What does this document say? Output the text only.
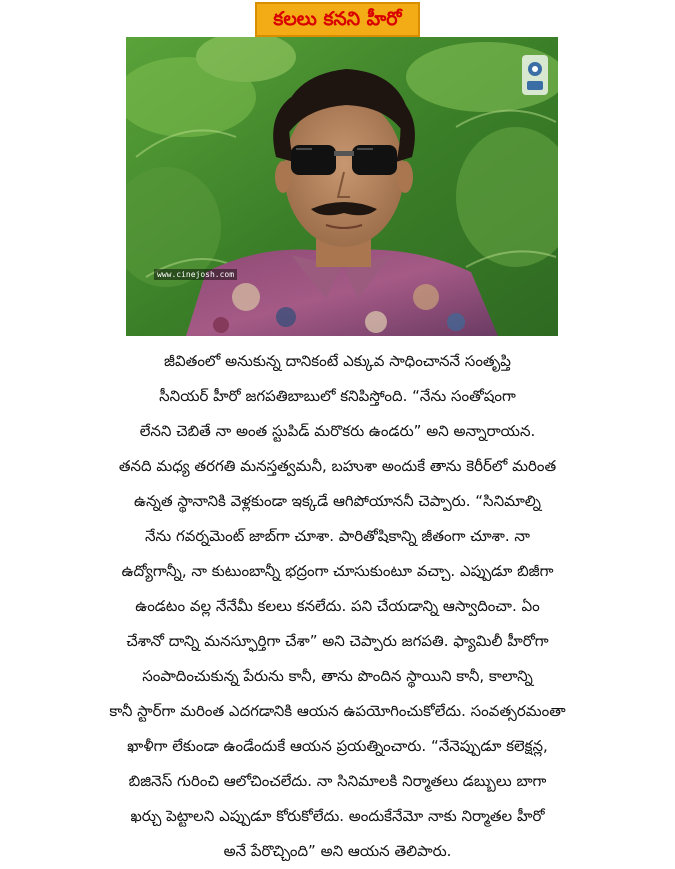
కలలు కనని హీరో
www.cinejosh.com

జీవితంలో అనుకున్న దానికంటే ఎక్కువ సాధించాననే సంతృప్తి

సీనియర్ హీరో జగపతిబాబులో కనిపిస్తోంది. “నేను సంతోషంగా

లేనని చెబితే నా అంత స్టుపిడ్ మరొకరు ఉండరు” అని అన్నారాయన.

తనది మధ్య తరగతి మనస్తత్వమనీ, బహుశా అందుకే తాను కెరీర్‌లో మరింత

ఉన్నత స్థానానికి వెళ్లకుండా ఇక్కడే ఆగిపోయాననీ చెప్పారు. “సినిమాల్ని

నేను గవర్నమెంట్ జాబ్‌గా చూశా. పారితోషికాన్ని జీతంగా చూశా. నా

ఉద్యోగాన్నీ, నా కుటుంబాన్నీ భద్రంగా చూసుకుంటూ వచ్చా. ఎప్పుడూ బిజీగా

ఉండటం వల్ల నేనేమీ కలలు కనలేదు. పని చేయడాన్ని ఆస్వాదించా. ఏం

చేశానో దాన్ని మనస్ఫూర్తిగా చేశా” అని చెప్పారు జగపతి. ఫ్యామిలీ హీరోగా

సంపాదించుకున్న పేరును కానీ, తాను పొందిన స్థాయిని కానీ, కాలాన్ని

కానీ స్టార్‌గా మరింత ఎదగడానికి ఆయన ఉపయోగించుకోలేదు. సంవత్సరమంతా

ఖాళీగా లేకుండా ఉండేందుకే ఆయన ప్రయత్నించారు. “నేనెప్పుడూ కలెక్షన్ల,

బిజినెస్ గురించి ఆలోచించలేదు. నా సినిమాలకి నిర్మాతలు డబ్బులు బాగా

ఖర్చు పెట్టాలని ఎప్పుడూ కోరుకోలేదు. అందుకేనేమో నాకు నిర్మాతల హీరో

అనే పేరొచ్చింది” అని ఆయన తెలిపారు.
